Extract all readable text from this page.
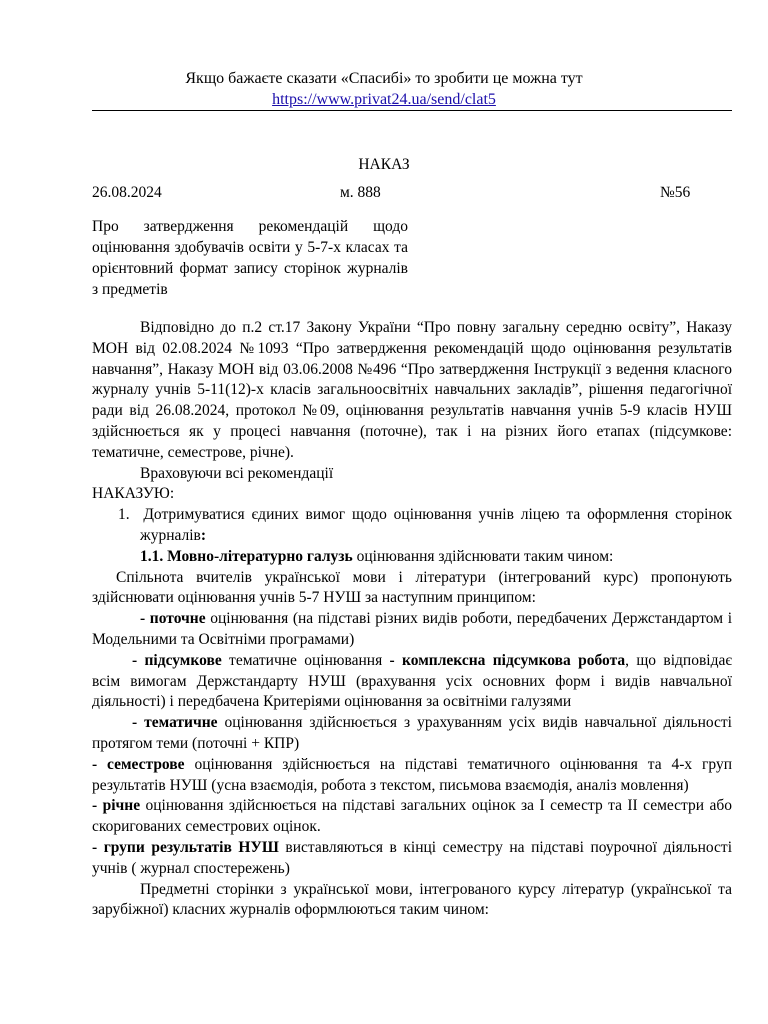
Якщо бажаєте сказати «Спасибі» то зробити це можна тут
https://www.privat24.ua/send/clat5
НАКАЗ
26.08.2024	м. 888	№56
Про затвердження рекомендацій щодо оцінювання здобувачів освіти у 5-7-х класах та орієнтовний формат запису сторінок журналів з предметів

Відповідно до п.2 ст.17 Закону України “Про повну загальну середню освіту”, Наказу МОН від 02.08.2024 №1093 “Про затвердження рекомендацій щодо оцінювання результатів навчання”, Наказу МОН від 03.06.2008 №496 “Про затвердження Інструкції з ведення класного журналу учнів 5-11(12)-х класів загальноосвітніх навчальних закладів”, рішення педагогічної ради від 26.08.2024, протокол №09, оцінювання результатів навчання учнів 5-9 класів НУШ здійснюється як у процесі навчання (поточне), так і на різних його етапах (підсумкове: тематичне, семестрове, річне).

Враховуючи всі рекомендації

НАКАЗУЮ:

1. Дотримуватися єдиних вимог щодо оцінювання учнів ліцею та оформлення сторінок журналів:

1.1. Мовно-літературно галузь оцінювання здійснювати таким чином:

Спільнота вчителів української мови і літератури (інтегрований курс) пропонують здійснювати оцінювання учнів 5-7 НУШ за наступним принципом:

- поточне оцінювання (на підставі різних видів роботи, передбачених Держстандартом і Модельними та Освітніми програмами)

- підсумкове тематичне оцінювання - комплексна підсумкова робота, що відповідає всім вимогам Держстандарту НУШ (врахування усіх основних форм і видів навчальної діяльності) і передбачена Критеріями оцінювання за освітніми галузями

- тематичне оцінювання здійснюється з урахуванням усіх видів навчальної діяльності протягом теми (поточні + КПР)

- семестрове оцінювання здійснюється на підставі тематичного оцінювання та 4-х груп результатів НУШ (усна взаємодія, робота з текстом, письмова взаємодія, аналіз мовлення)

- річне оцінювання здійснюється на підставі загальних оцінок за І семестр та ІІ семестри або скоригованих семестрових оцінок.

- групи результатів НУШ виставляються в кінці семестру на підставі поурочної діяльності учнів ( журнал спостережень)

Предметні сторінки з української мови, інтегрованого курсу літератур (української та зарубіжної) класних журналів оформлюються таким чином:
